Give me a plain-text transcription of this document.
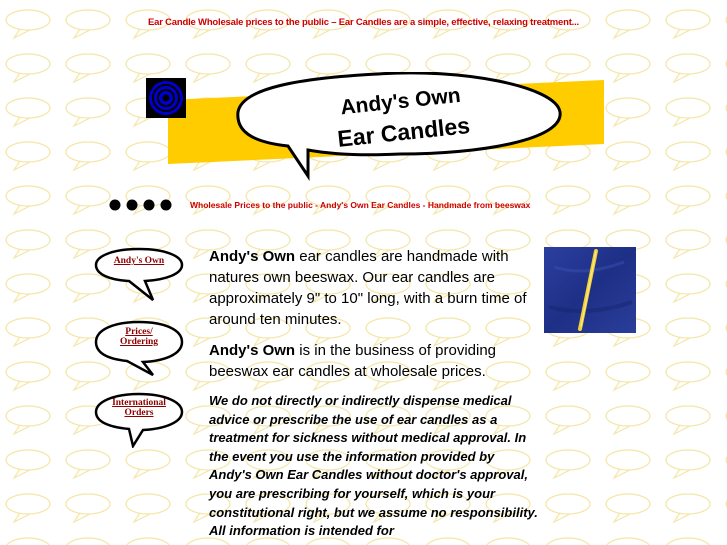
Ear Candle Wholesale prices to the public – Ear Candles are a simple, effective, relaxing treatment...
Andy's Own
Ear Candles
Wholesale Prices to the public - Andy's Own Ear Candles - Handmade from beeswax
Andy's Own
Prices/
Ordering
International
Orders

Andy's Own ear candles are handmade with natures own beeswax. Our ear candles are approximately 9" to 10" long, with a burn time of around ten minutes.

Andy's Own is in the business of providing beeswax ear candles at wholesale prices.

We do not directly or indirectly dispense medical advice or prescribe the use of ear candles as a treatment for sickness without medical approval. In the event you use the information provided by Andy's Own Ear Candles without doctor's approval, you are prescribing for yourself, which is your constitutional right, but we assume no responsibility. All information is intended for
